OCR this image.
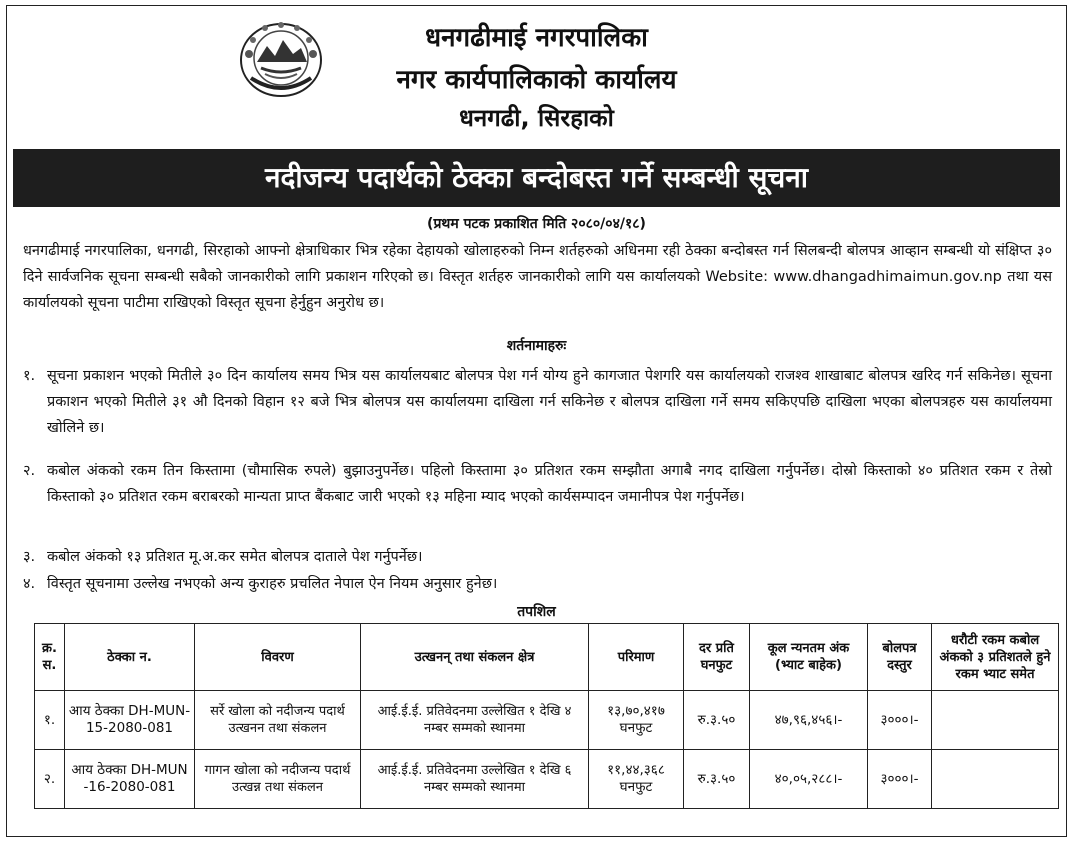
धनगढीमाई नगरपालिका
नगर कार्यपालिकाको कार्यालय
धनगढी, सिरहाको
नदीजन्य पदार्थको ठेक्का बन्दोबस्त गर्ने सम्बन्धी सूचना
(प्रथम पटक प्रकाशित मिति २०८०/०४/१८)
धनगढीमाई नगरपालिका, धनगढी, सिरहाको आफ्नो क्षेत्राधिकार भित्र रहेका देहायको खोलाहरुको निम्न शर्तहरुको अधिनमा रही ठेक्का बन्दोबस्त गर्न सिलबन्दी बोलपत्र आव्हान सम्बन्धी यो संक्षिप्त ३० दिने सार्वजनिक सूचना सम्बन्धी सबैको जानकारीको लागि प्रकाशन गरिएको छ। विस्तृत शर्तहरु जानकारीको लागि यस कार्यालयको Website: www.dhangadhimaimun.gov.np तथा यस कार्यालयको सूचना पाटीमा राखिएको विस्तृत सूचना हेर्नुहुन अनुरोध छ।
शर्तनामाहरुः
१. सूचना प्रकाशन भएको मितीले ३० दिन कार्यालय समय भित्र यस कार्यालयबाट बोलपत्र पेश गर्न योग्य हुने कागजात पेशगरि यस कार्यालयको राजश्व शाखाबाट बोलपत्र खरिद गर्न सकिनेछ। सूचना प्रकाशन भएको मितीले ३१ औ दिनको विहान १२ बजे भित्र बोलपत्र यस कार्यालयमा दाखिला गर्न सकिनेछ र बोलपत्र दाखिला गर्ने समय सकिएपछि दाखिला भएका बोलपत्रहरु यस कार्यालयमा खोलिने छ।
२. कबोल अंकको रकम तिन किस्तामा (चौमासिक रुपले) बुझाउनुपर्नेछ। पहिलो किस्तामा ३० प्रतिशत रकम सम्झौता अगाबै नगद दाखिला गर्नुपर्नेछ। दोस्रो किस्ताको ४० प्रतिशत रकम र तेस्रो किस्ताको ३० प्रतिशत रकम बराबरको मान्यता प्राप्त बैंकबाट जारी भएको १३ महिना म्याद भएको कार्यसम्पादन जमानीपत्र पेश गर्नुपर्नेछ।
३. कबोल अंकको १३ प्रतिशत मू.अ.कर समेत बोलपत्र दाताले पेश गर्नुपर्नेछ।
४. विस्तृत सूचनामा उल्लेख नभएको अन्य कुराहरु प्रचलित नेपाल ऐन नियम अनुसार हुनेछ।
तपशिल
क्र. स.	ठेक्का न.	विवरण	उत्खनन् तथा संकलन क्षेत्र	परिमाण	दर प्रति घनफुट	कूल न्यनतम अंक (भ्याट बाहेक)	बोलपत्र दस्तुर	धरौटी रकम कबोल अंकको ३ प्रतिशतले हुने रकम भ्याट समेत
१.	आय ठेक्का DH-MUN-15-2080-081	सर्रे खोला को नदीजन्य पदार्थ उत्खनन तथा संकलन	आई.ई.ई. प्रतिवेदनमा उल्लेखित १ देखि ४ नम्बर सम्मको स्थानमा	१३,७०,४१७ घनफुट	रु.३.५०	४७,९६,४५६।-	३०००।-	
२.	आय ठेक्का DH-MUN -16-2080-081	गागन खोला को नदीजन्य पदार्थ उत्खन्न तथा संकलन	आई.ई.ई. प्रतिवेदनमा उल्लेखित १ देखि ६ नम्बर सम्मको स्थानमा	११,४४,३६८ घनफुट	रु.३.५०	४०,०५,२८८।-	३०००।-	
